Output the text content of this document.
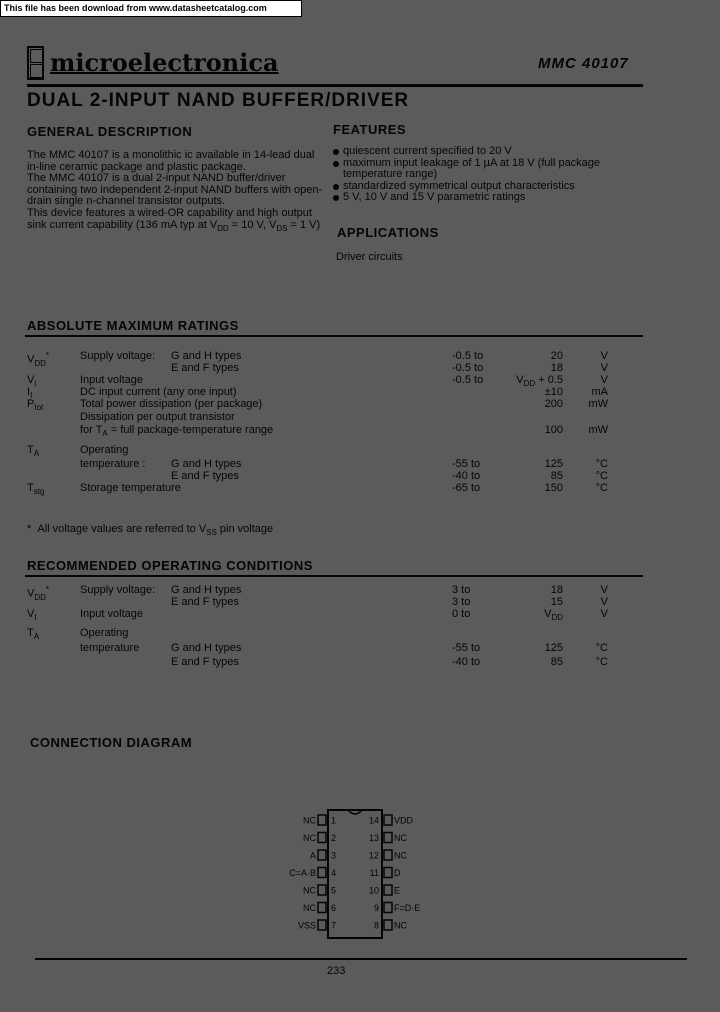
This file has been download from www.datasheetcatalog.com
microelectronica	MMC 40107
DUAL 2-INPUT NAND BUFFER/DRIVER
GENERAL DESCRIPTION

The MMC 40107 is a monolithic ic available in 14-lead dual in-line ceramic package and plastic package.

The MMC 40107 is a dual 2-input NAND buffer/driver containing two independent 2-input NAND buffers with open-drain single n-channel transistor outputs.

This device features a wired-OR capability and high output sink current capability (136 mA typ at $V_{DD} = 10$ V, $V_{DS} = 1$ V)

FEATURES
quiescent current specified to 20 V
maximum input leakage of 1 µA at 18 V (full package temperature range)
standardized symmetrical output characteristics
5 V, 10 V and 15 V parametric ratings
APPLICATIONS
Driver circuits
ABSOLUTE MAXIMUM RATINGS
$V_{DD}^*$	Supply voltage: G and H types	-0.5 to	20	V
E and F types	-0.5 to	18	V
$V_i$	Input voltage	-0.5 to	$V_{DD} + 0.5$	V
$I_I$	DC input current (any one input)	±10	mA
$P_{tot}$	Total power dissipation (per package)	200 mW
Dissipation per output transistor
for $T_A$ = full package-temperature range	100 mW
$T_A$	Operating
temperature : G and H types	-55 to	125	°C
E and F types	-40 to	85	°C
$T_{stg}$	Storage temperature	-65 to	150	°C
*  All voltage values are referred to $V_{SS}$ pin voltage
RECOMMENDED OPERATING CONDITIONS
$V_{DD}^*$	Supply voltage: G and H types	3 to	18	V
E and F types	3 to	15	V
$V_I$	Input voltage	0 to	$V_{DD}$	V
$T_A$	Operating
temperature	G and H types	-55 to	125	°C
E and F types	-40 to	85	°C
CONNECTION DIAGRAM
NC 1
NC 2
A 3
C=A·B 4
NC 5
NC 6
VSS 7
VDD
14
NC
13
NC
12
D
11
E
10
F=D·E
9
NC
8
233
